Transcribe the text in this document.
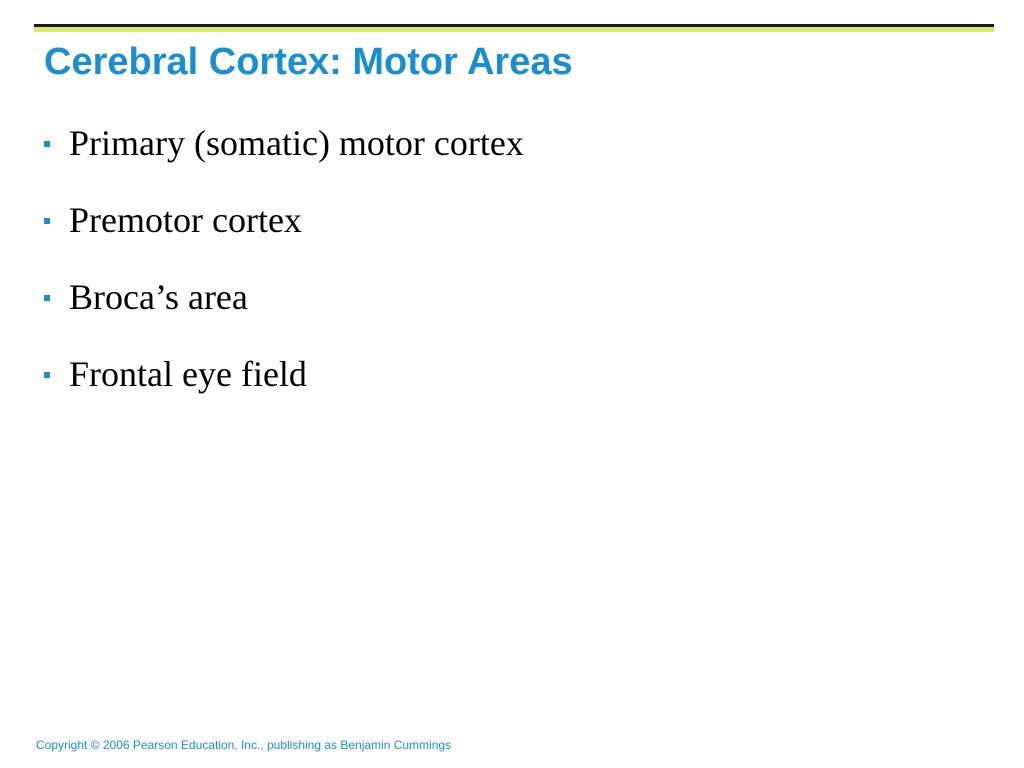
Cerebral Cortex: Motor Areas
Primary (somatic) motor cortex
Premotor cortex
Broca’s area
Frontal eye field
Copyright © 2006 Pearson Education, Inc., publishing as Benjamin Cummings
